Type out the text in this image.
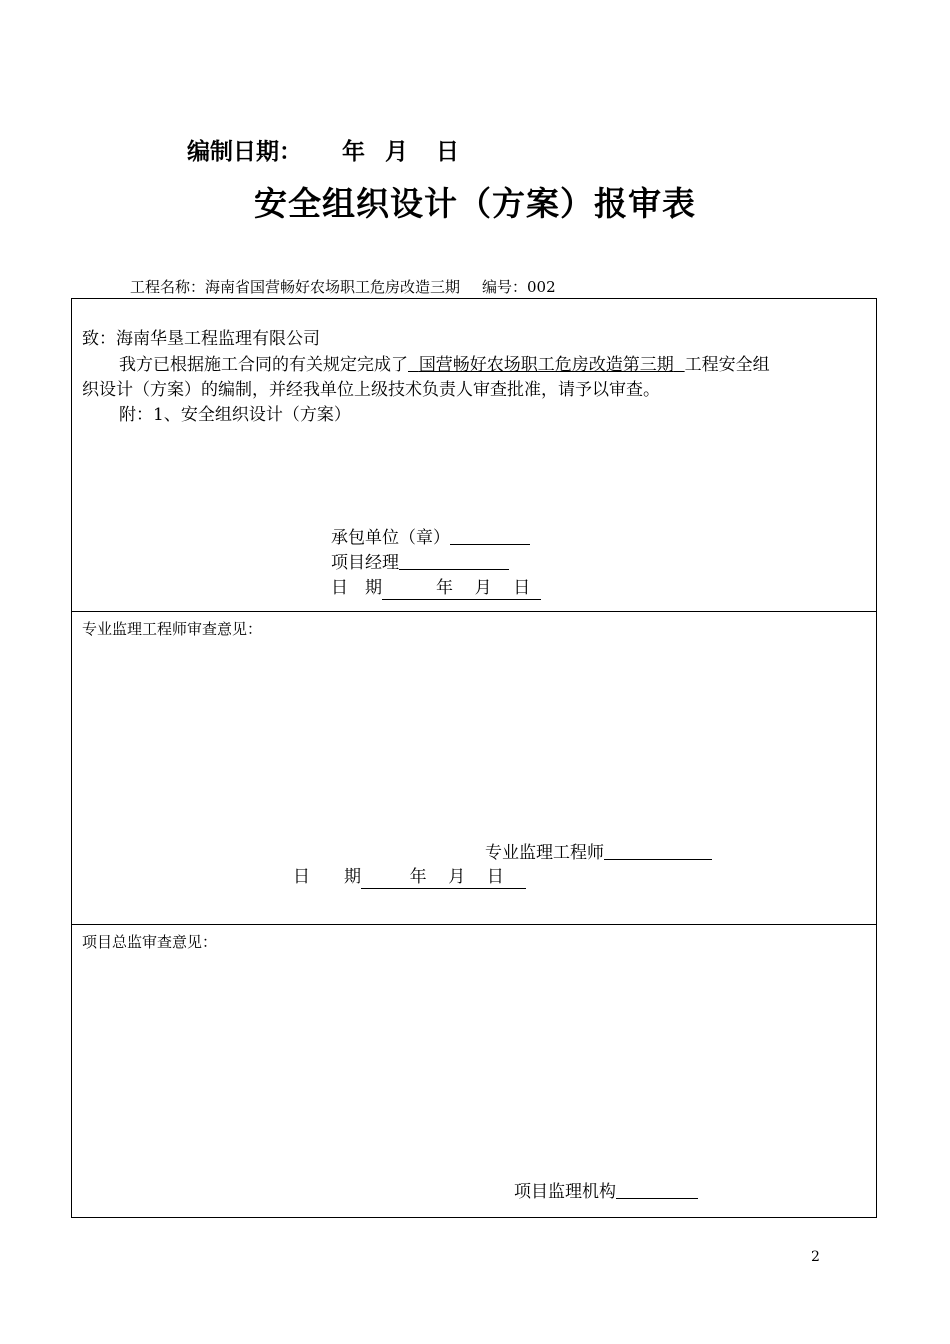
编制日期： 年 月 日
安全组织设计（方案）报审表
工程名称：海南省国营畅好农场职工危房改造三期 编号：002
致：海南华垦工程监理有限公司
我方已根据施工合同的有关规定完成了 国营畅好农场职工危房改造第三期 工程安全组
织设计（方案）的编制，并经我单位上级技术负责人审查批准，请予以审查。
附：1、安全组织设计（方案）
承包单位（章）
项目经理
日　期	年 月 日
专业监理工程师审查意见：
专业监理工程师
日　　期	年 月 日
项目总监审查意见：
项目监理机构
2
